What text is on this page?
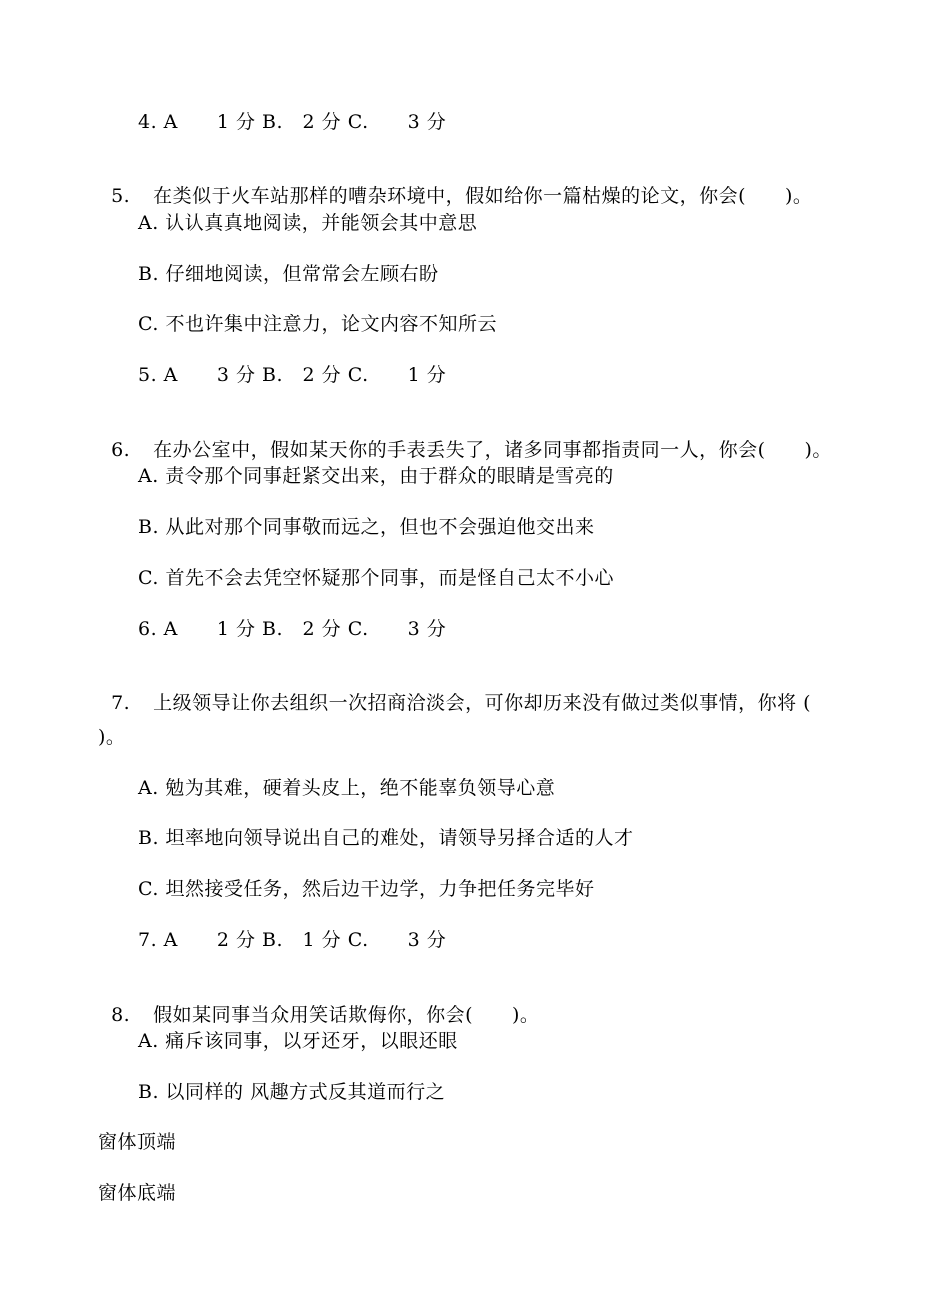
4. A　　1 分 B.　2 分 C.　　3 分

5. 在类似于火车站那样的嘈杂环境中，假如给你一篇枯燥的论文，你会(　　)。

A. 认认真真地阅读，并能领会其中意思
B. 仔细地阅读，但常常会左顾右盼
C. 不也许集中注意力，论文内容不知所云
5. A　　3 分 B.　2 分 C.　　1 分

6. 在办公室中，假如某天你的手表丢失了，诸多同事都指责同一人，你会(　　)。

A. 责令那个同事赶紧交出来，由于群众的眼睛是雪亮的
B. 从此对那个同事敬而远之，但也不会强迫他交出来
C. 首先不会去凭空怀疑那个同事，而是怪自己太不小心
6. A　　1 分 B.　2 分 C.　　3 分

7. 上级领导让你去组织一次招商洽淡会，可你却历来没有做过类似事情，你将 (

)。
A. 勉为其难，硬着头皮上，绝不能辜负领导心意
B. 坦率地向领导说出自己的难处，请领导另择合适的人才
C. 坦然接受任务，然后边干边学，力争把任务完毕好
7. A　　2 分 B.　1 分 C.　　3 分

8. 假如某同事当众用笑话欺侮你，你会(　　)。

A. 痛斥该同事，以牙还牙，以眼还眼
B. 以同样的 风趣方式反其道而行之
窗体顶端
窗体底端
